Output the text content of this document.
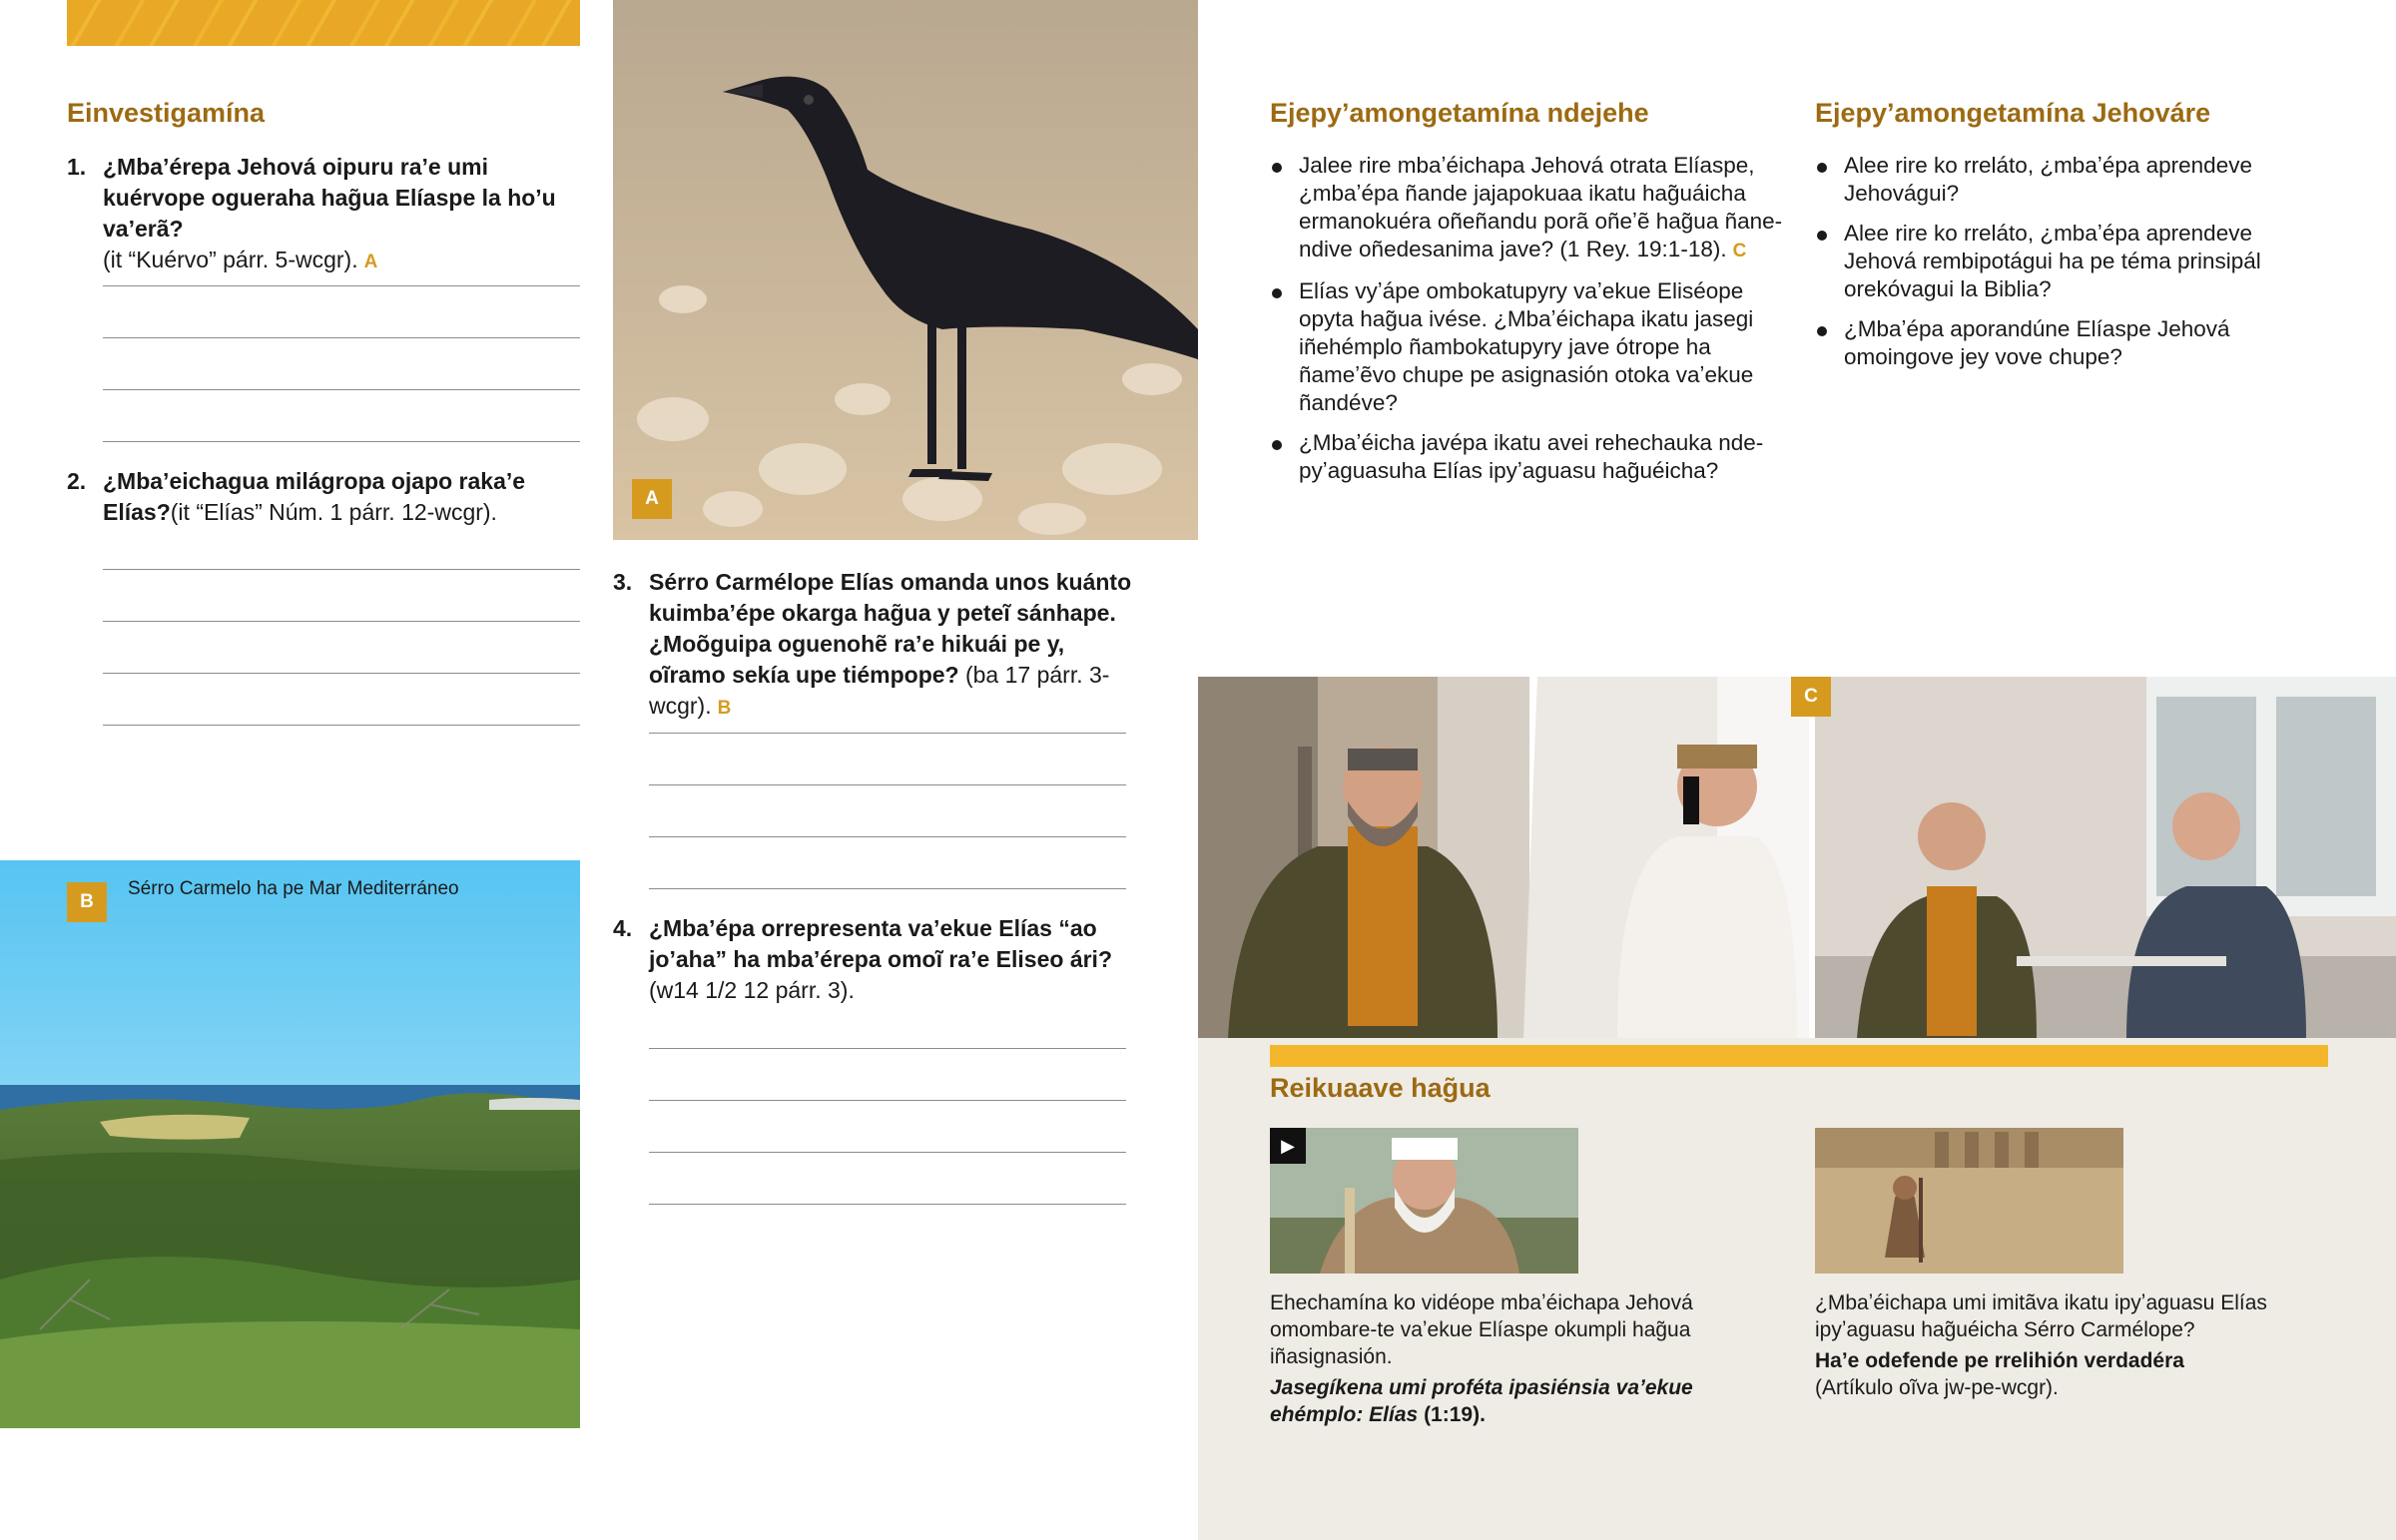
Einvestigamína
1. ¿Mbaʼérepa Jehová oipuru raʼe umi kuérvope ogueraha hag̃ua Elíaspe la hoʼu vaʼerã?
(it “Kuérvo” párr. 5-wcgr). A
2. ¿Mbaʼeichagua milágropa ojapo rakaʼe Elías?(it “Elías” Núm. 1 párr. 12-wcgr).
B
Sérro Carmelo ha pe Mar Mediterráneo
A
3. Sérro Carmélope Elías omanda unos kuánto kuimbaʼépe okarga hag̃ua y peteĩ sánhape. ¿Moõguipa oguenohẽ raʼe hikuái pe y, oĩramo sekía upe tiémpope? (ba 17 párr. 3-wcgr). B
4. ¿Mbaʼépa orrepresenta vaʼekue Elías “ao joʼaha” ha mbaʼérepa omoĩ raʼe Eliseo ári?
(w14 1/2 12 párr. 3).
Ejepyʼamongetamína ndejehe
Jalee rire mbaʼéichapa Jehová otrata Elíaspe, ¿mbaʼépa ñande jajapokuaa ikatu hag̃uáicha ermanokuéra oñeñandu porã oñeʼẽ hag̃ua ñane-ndive oñedesanima jave? (1 Rey. 19:1-18). C
Elías vyʼápe ombokatupyry vaʼekue Eliséope opyta hag̃ua ivése. ¿Mbaʼéichapa ikatu jasegi iñehémplo ñambokatupyry jave ótrope ha ñameʼẽvo chupe pe asignasión otoka vaʼekue ñandéve?
¿Mbaʼéicha javépa ikatu avei rehechauka nde-pyʼaguasuha Elías ipyʼaguasu hag̃uéicha?
Ejepyʼamongetamína Jehováre
Alee rire ko rreláto, ¿mbaʼépa aprendeve Jehovágui?
Alee rire ko rreláto, ¿mbaʼépa aprendeve Jehová rembipotágui ha pe téma prinsipál orekóvagui la Biblia?
¿Mbaʼépa aporandúne Elíaspe Jehová omoingove jey vove chupe?
C
Reikuaave hag̃ua
▶
Ehechamína ko vidéope mbaʼéichapa Jehová omombare-te vaʼekue Elíaspe okumpli hag̃ua iñasignasión.
Jasegíkena umi proféta ipasiénsia vaʼekue ehémplo: Elías (1:19).
¿Mbaʼéichapa umi imitãva ikatu ipyʼaguasu Elías ipyʼaguasu hag̃uéicha Sérro Carmélope?
Haʼe odefende pe rrelihión verdadéra
(Artíkulo oĩva jw-pe-wcgr).
